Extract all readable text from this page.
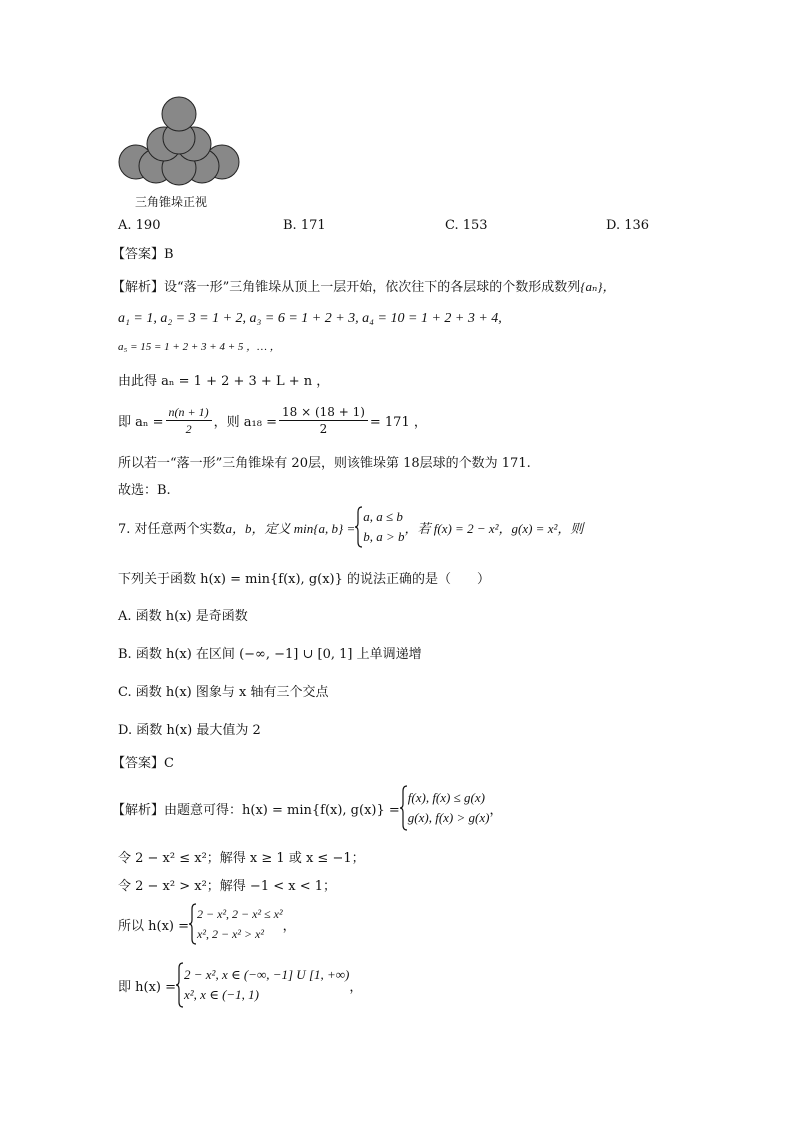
三角锥垛正视
A. 190	B. 171	C. 153	D. 136
【答案】B
【解析】设“落一形”三角锥垛从顶上一层开始，依次往下的各层球的个数形成数列{aₙ}，
a₁ = 1, a₂ = 3 = 1 + 2, a₃ = 6 = 1 + 2 + 3, a₄ = 10 = 1 + 2 + 3 + 4,
a₅ = 15 = 1 + 2 + 3 + 4 + 5 ，… ，
由此得 aₙ = 1 + 2 + 3 + L + n ，
即 $a_n = \frac{n(n + 1)}{2}$ ，则 $a_{18} = \frac{18 \times (18 + 1)}{2} = 171$ ，
所以若一“落一形”三角锥垛有 20层，则该锥垛第 18层球的个数为 171.
故选：B.
7. 对任意两个实数 a，b，定义 min{a, b} =
a, a ≤ b
b, a > b
，若 f(x) = 2 − x²，g(x) = x²，则
下列关于函数 h(x) = min{f(x), g(x)} 的说法正确的是（　　）
A. 函数 h(x) 是奇函数
B. 函数 h(x) 在区间 (−∞, −1] ∪ [0, 1] 上单调递增
C. 函数 h(x) 图象与 x 轴有三个交点
D. 函数 h(x) 最大值为 2
【答案】C
【解析】由题意可得：h(x) = min{f(x), g(x)} =
f(x), f(x) ≤ g(x)
g(x), f(x) > g(x) ，
令 2 − x² ≤ x²；解得 x ≥ 1 或 x ≤ −1；
令 2 − x² > x²；解得 −1 < x < 1；
所以 h(x) =
2 − x², 2 − x² ≤ x²
x², 2 − x² > x²
，
即 h(x) =
2 − x², x ∈ (−∞, −1] U [1, +∞)
x², x ∈ (−1, 1)	，
